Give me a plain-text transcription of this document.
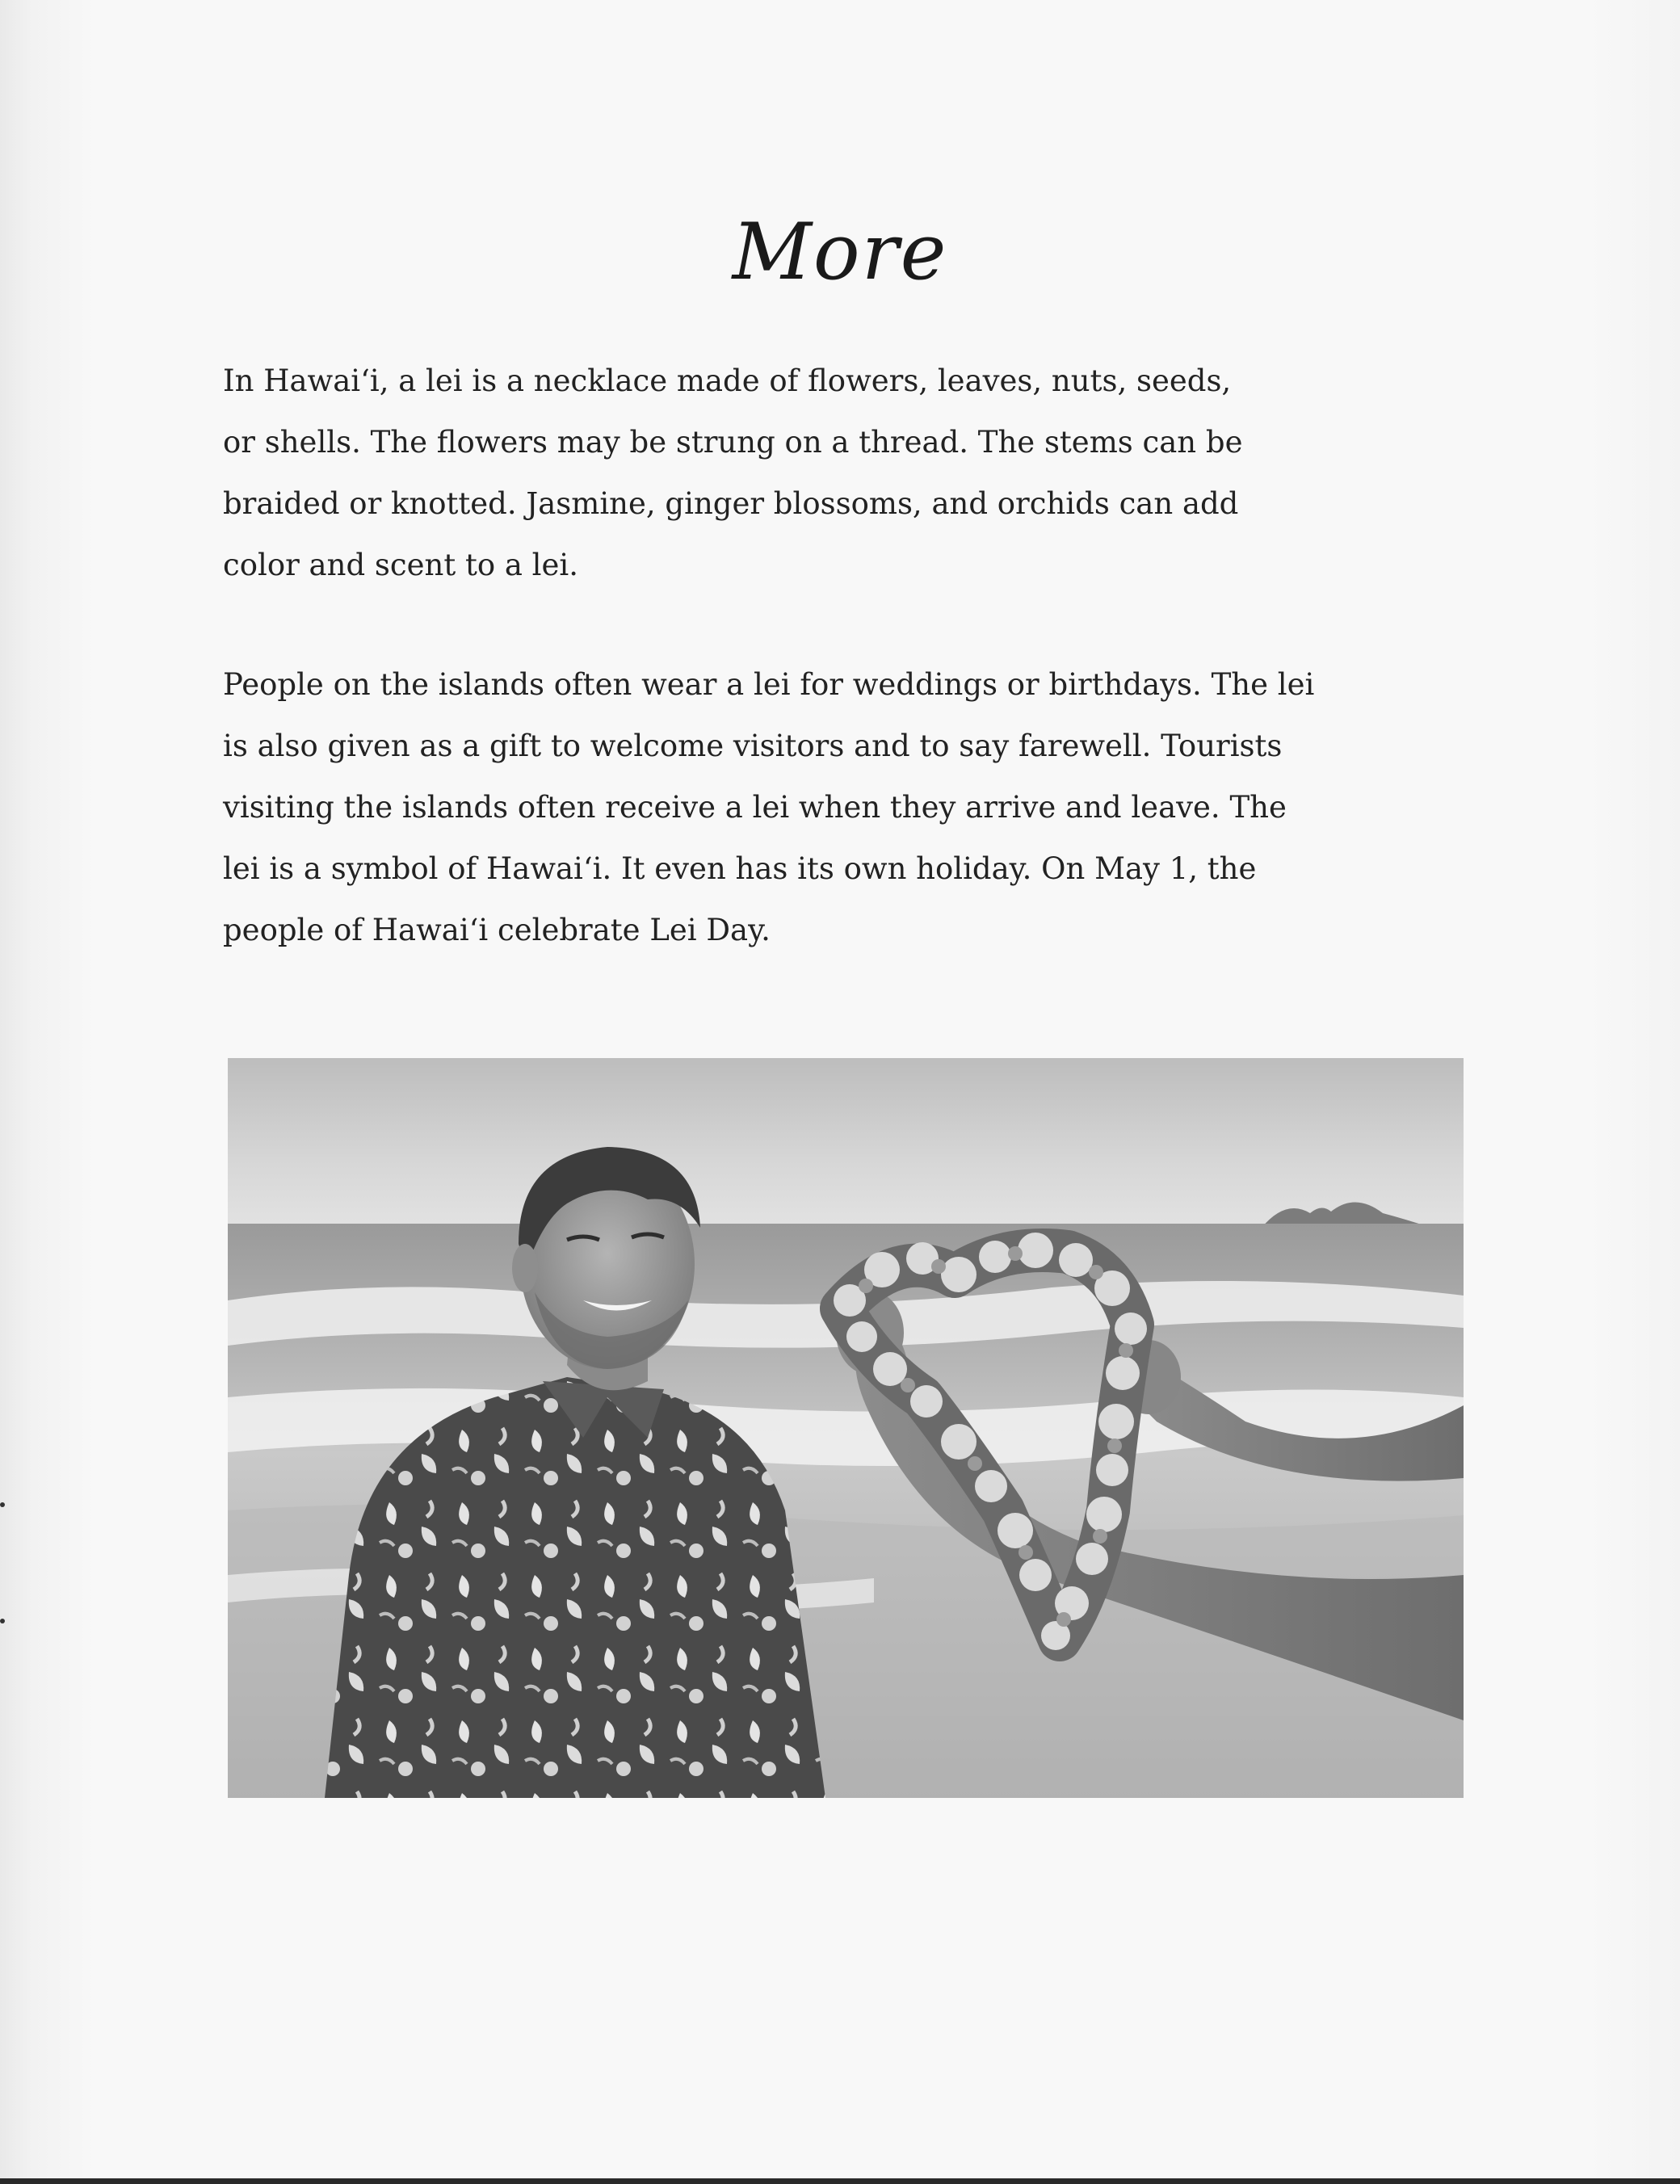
More

In Hawaiʻi, a lei is a necklace made of flowers, leaves, nuts, seeds,
or shells. The flowers may be strung on a thread. The stems can be
braided or knotted. Jasmine, ginger blossoms, and orchids can add
color and scent to a lei.

People on the islands often wear a lei for weddings or birthdays. The lei
is also given as a gift to welcome visitors and to say farewell. Tourists
visiting the islands often receive a lei when they arrive and leave. The
lei is a symbol of Hawaiʻi. It even has its own holiday. On May 1, the
people of Hawaiʻi celebrate Lei Day.
